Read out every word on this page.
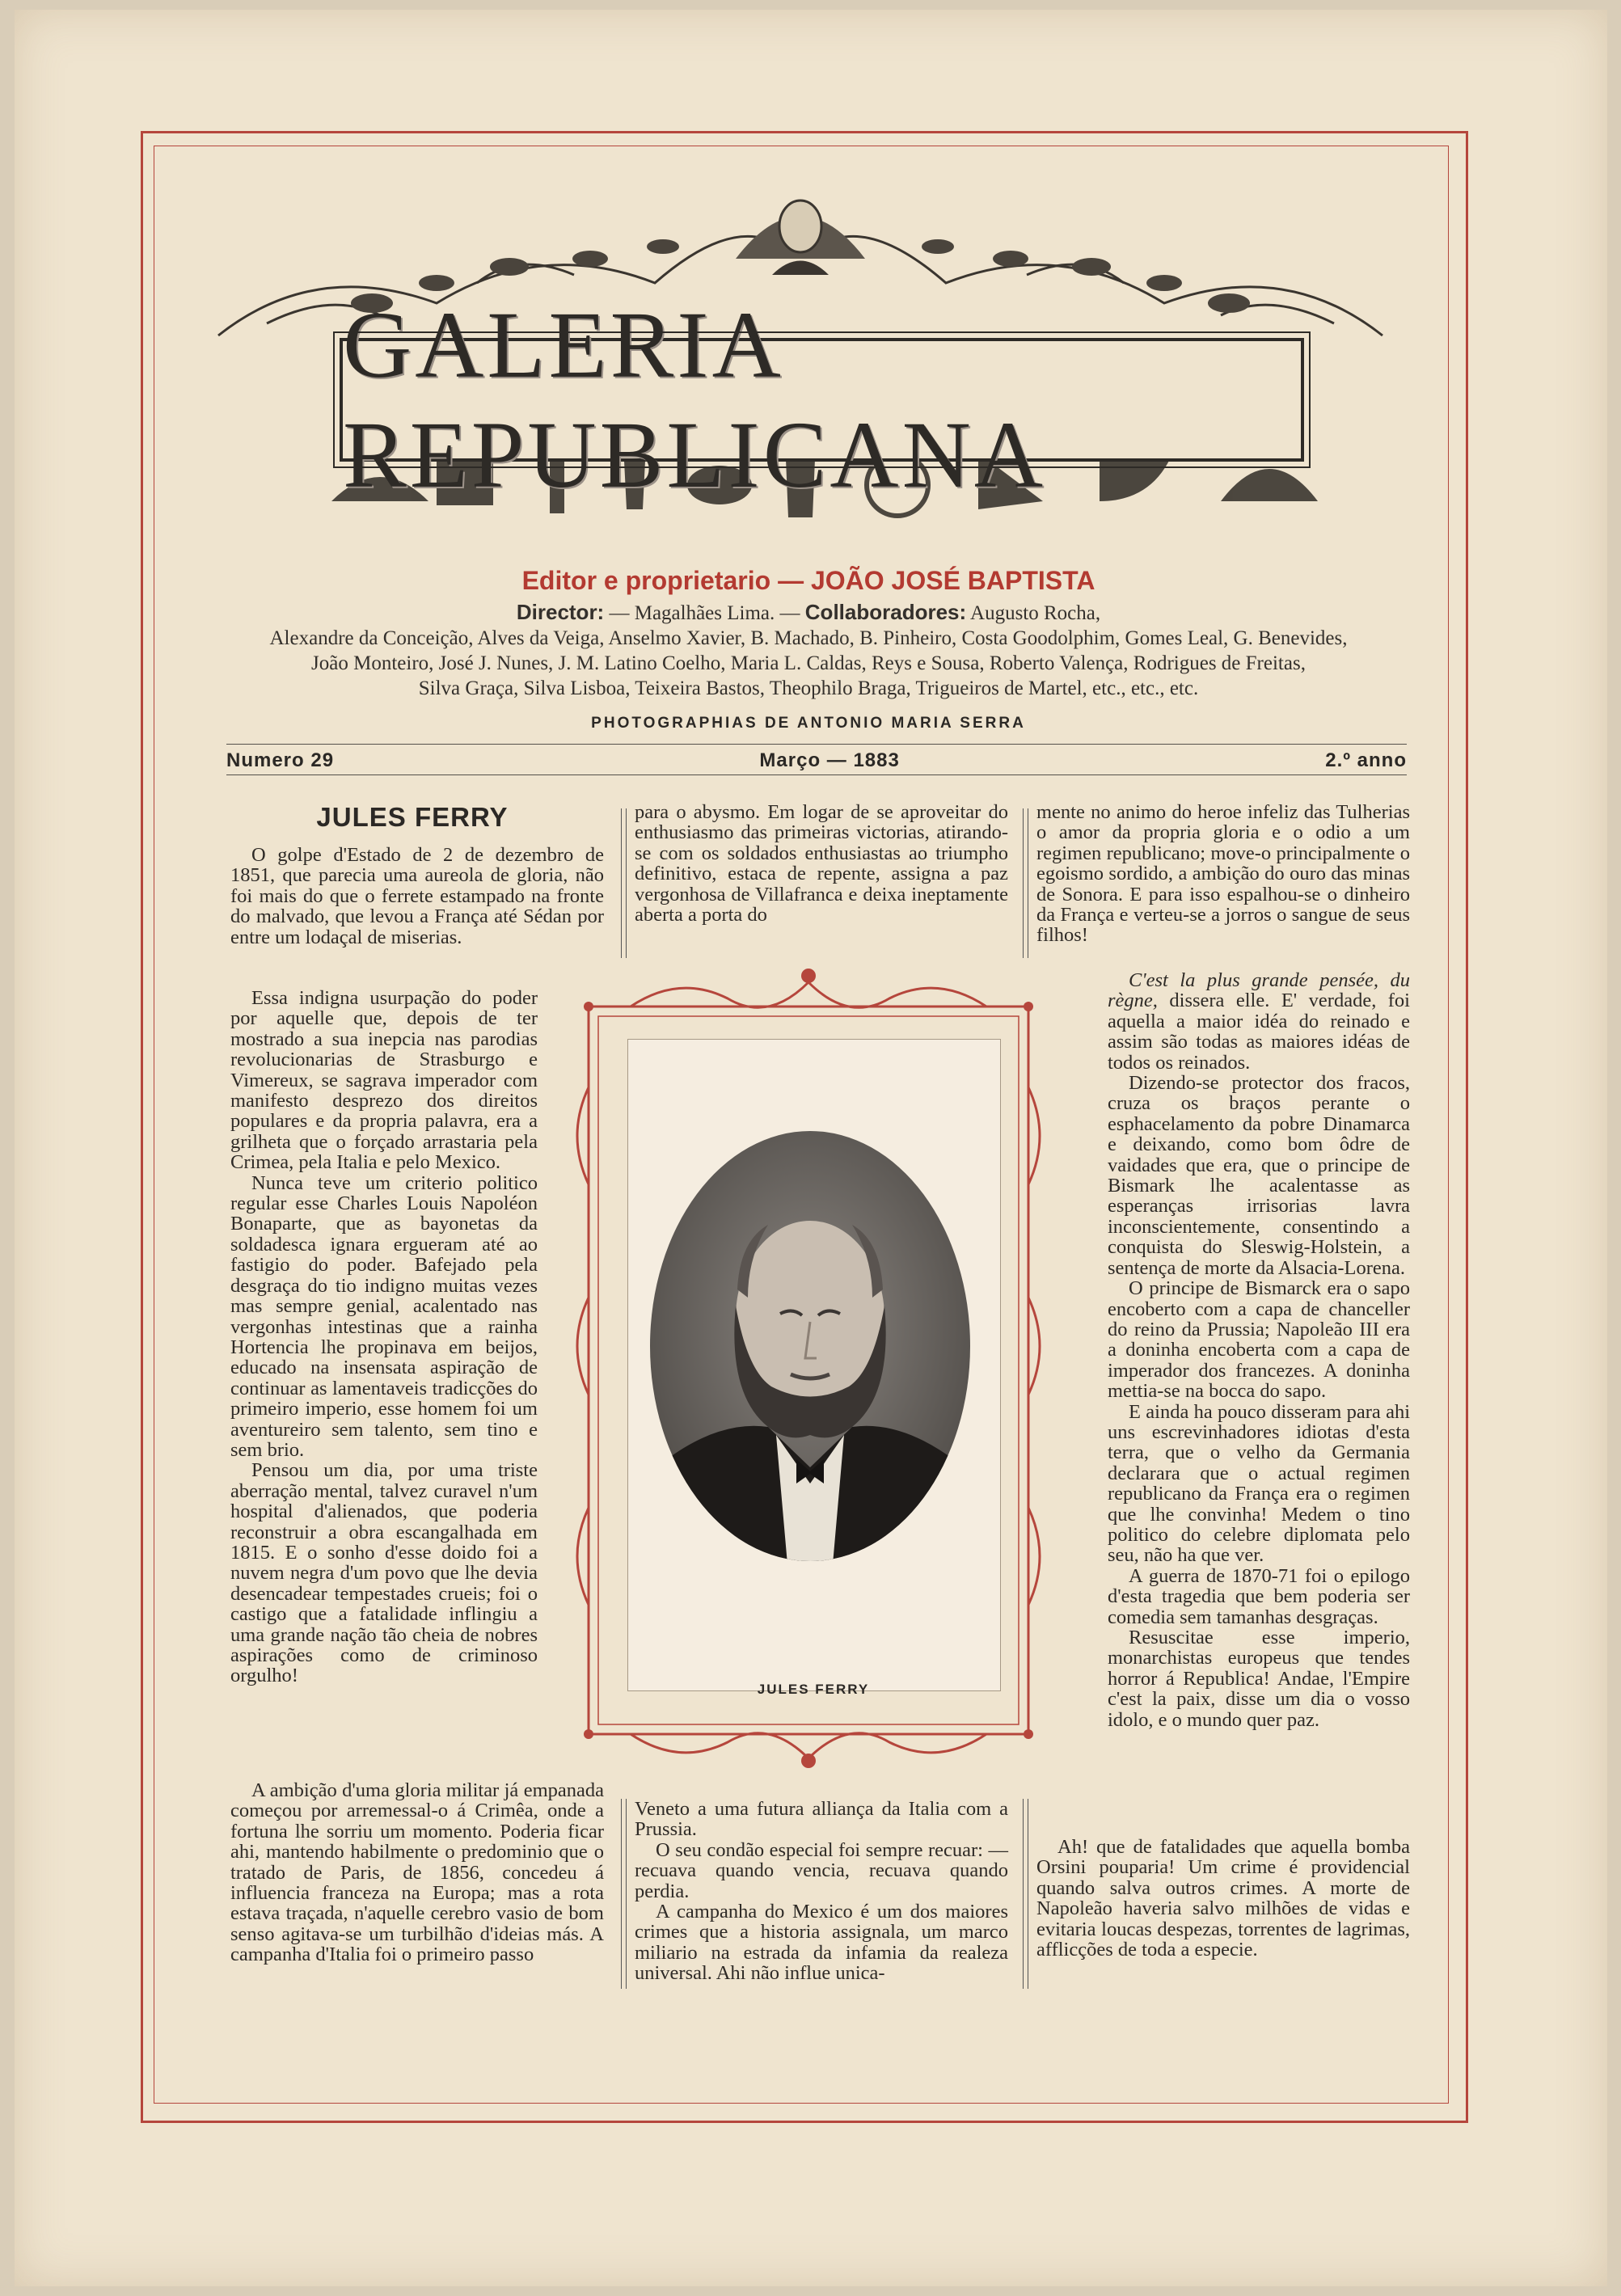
GALERIA REPUBLICANA
Editor e proprietario — JOÃO JOSÉ BAPTISTA
Director: — Magalhães Lima. — Collaboradores: Augusto Rocha,
Alexandre da Conceição, Alves da Veiga, Anselmo Xavier, B. Machado, B. Pinheiro, Costa Goodolphim, Gomes Leal, G. Benevides,
João Monteiro, José J. Nunes, J. M. Latino Coelho, Maria L. Caldas, Reys e Sousa, Roberto Valença, Rodrigues de Freitas,
Silva Graça, Silva Lisboa, Teixeira Bastos, Theophilo Braga, Trigueiros de Martel, etc., etc., etc.
PHOTOGRAPHIAS DE ANTONIO MARIA SERRA
Numero 29	Março — 1883	2.º anno
JULES FERRY

O golpe d'Estado de 2 de dezembro de 1851, que parecia uma aureola de gloria, não foi mais do que o ferrete estampado na fronte do malvado, que levou a França até Sédan por entre um lodaçal de miserias.

Essa indigna usurpação do poder por aquelle que, depois de ter mostrado a sua inepcia nas parodias revolucionarias de Strasburgo e Vimereux, se sagrava imperador com manifesto desprezo dos direitos populares e da propria palavra, era a grilheta que o forçado arrastaria pela Crimea, pela Italia e pelo Mexico.

Nunca teve um criterio politico regular esse Charles Louis Napoléon Bonaparte, que as bayonetas da soldadesca ignara ergueram até ao fastigio do poder. Bafejado pela desgraça do tio indigno muitas vezes mas sempre genial, acalentado nas vergonhas intestinas que a rainha Hortencia lhe propinava em beijos, educado na insensata aspiração de continuar as lamentaveis tradicções do primeiro imperio, esse homem foi um aventureiro sem talento, sem tino e sem brio.

Pensou um dia, por uma triste aberração mental, talvez curavel n'um hospital d'alienados, que poderia reconstruir a obra escangalhada em 1815. E o sonho d'esse doido foi a nuvem negra d'um povo que lhe devia desencadear tempestades crueis; foi o castigo que a fatalidade inflingiu a uma grande nação tão cheia de nobres aspirações como de criminoso orgulho!

A ambição d'uma gloria militar já empanada começou por arremessal-o á Crimêa, onde a fortuna lhe sorriu um momento. Poderia ficar ahi, mantendo habilmente o predominio que o tratado de Paris, de 1856, concedeu á influencia franceza na Europa; mas a rota estava traçada, n'aquelle cerebro vasio de bom senso agitava-se um turbilhão d'ideias más. A campanha d'Italia foi o primeiro passo

para o abysmo. Em logar de se aproveitar do enthusiasmo das primeiras victorias, atirando-se com os soldados enthusiastas ao triumpho definitivo, estaca de repente, assigna a paz vergonhosa de Villafranca e deixa ineptamente aberta a porta do

Veneto a uma futura alliança da Italia com a Prussia.

O seu condão especial foi sempre recuar: — recuava quando vencia, recuava quando perdia.

A campanha do Mexico é um dos maiores crimes que a historia assignala, um marco miliario na estrada da infamia da realeza universal. Ahi não influe unica-

mente no animo do heroe infeliz das Tulherias o amor da propria gloria e o odio a um regimen republicano; move-o principalmente o egoismo sordido, a ambição do ouro das minas de Sonora. E para isso espalhou-se o dinheiro da França e verteu-se a jorros o sangue de seus filhos!

C'est la plus grande pensée, du règne, dissera elle. E' verdade, foi aquella a maior idéa do reinado e assim são todas as maiores idéas de todos os reinados.

Dizendo-se protector dos fracos, cruza os braços perante o esphacelamento da pobre Dinamarca e deixando, como bom ôdre de vaidades que era, que o principe de Bismark lhe acalentasse as esperanças irrisorias lavra inconscientemente, consentindo a conquista do Sleswig-Holstein, a sentença de morte da Alsacia-Lorena.

O principe de Bismarck era o sapo encoberto com a capa de chanceller do reino da Prussia; Napoleão III era a doninha encoberta com a capa de imperador dos francezes. A doninha mettia-se na bocca do sapo.

E ainda ha pouco disseram para ahi uns escrevinhadores idiotas d'esta terra, que o velho da Germania declarara que o actual regimen republicano da França era o regimen que lhe convinha! Medem o tino politico do celebre diplomata pelo seu, não ha que ver.

A guerra de 1870-71 foi o epilogo d'esta tragedia que bem poderia ser comedia sem tamanhas desgraças.

Resuscitae esse imperio, monarchistas europeus que tendes horror á Republica! Andae, l'Empire c'est la paix, disse um dia o vosso idolo, e o mundo quer paz.

Ah! que de fatalidades que aquella bomba Orsini pouparia! Um crime é providencial quando salva outros crimes. A morte de Napoleão haveria salvo milhões de vidas e evitaria loucas despezas, torrentes de lagrimas, afflicções de toda a especie.

JULES FERRY
